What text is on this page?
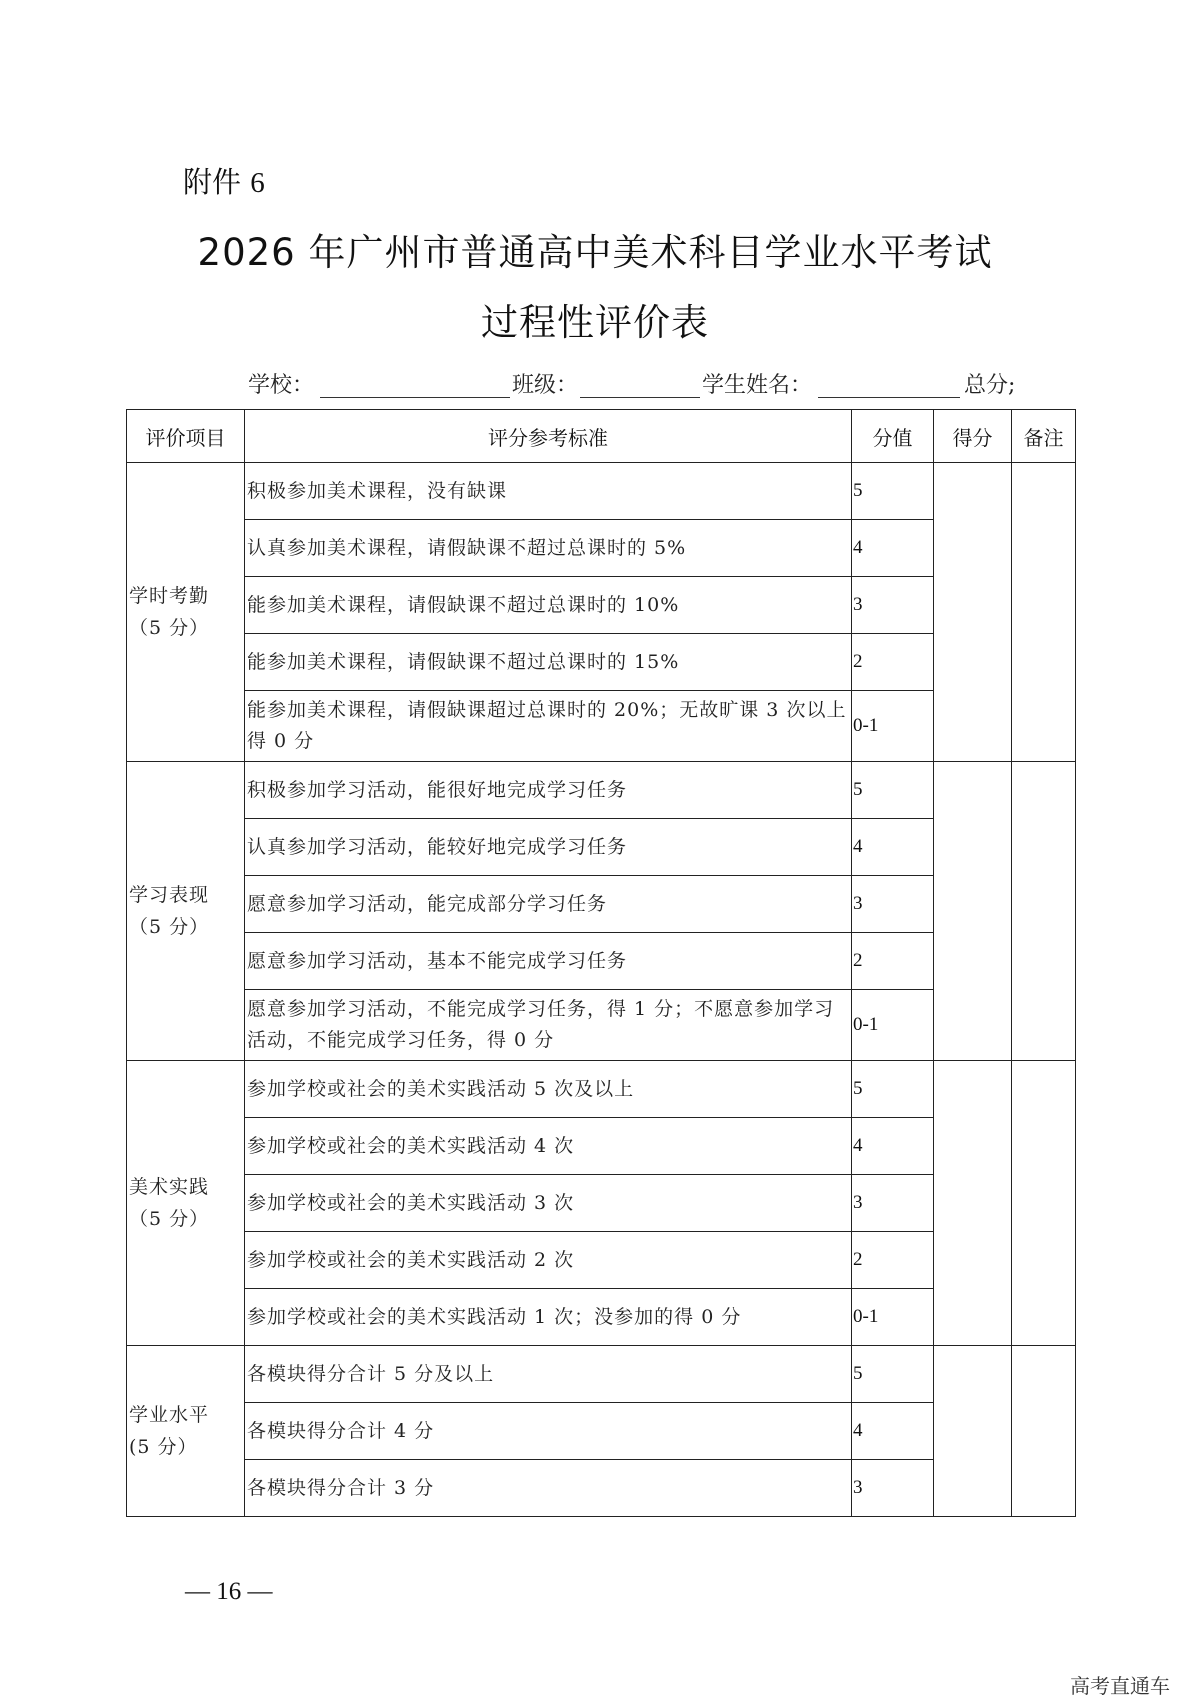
附件 6
2026 年广州市普通高中美术科目学业水平考试
过程性评价表
学校：	班级：	学生姓名：	总分;
评价项目	评分参考标准	分值	得分	备注

学时考勤
（5 分）	积极参加美术课程，没有缺课	5		
	认真参加美术课程，请假缺课不超过总课时的 5%	4		
	能参加美术课程，请假缺课不超过总课时的 10%	3		
	能参加美术课程，请假缺课不超过总课时的 15%	2		
	能参加美术课程，请假缺课超过总课时的 20%；无故旷课 3 次以上得 0 分	0-1		

学习表现
（5 分）	积极参加学习活动，能很好地完成学习任务	5		
	认真参加学习活动，能较好地完成学习任务	4		
	愿意参加学习活动，能完成部分学习任务	3		
	愿意参加学习活动，基本不能完成学习任务	2		
	愿意参加学习活动，不能完成学习任务，得 1 分；不愿意参加学习活动，不能完成学习任务，得 0 分	0-1		

美术实践
（5 分）	参加学校或社会的美术实践活动 5 次及以上	5		
	参加学校或社会的美术实践活动 4 次	4		
	参加学校或社会的美术实践活动 3 次	3		
	参加学校或社会的美术实践活动 2 次	2		
	参加学校或社会的美术实践活动 1 次；没参加的得 0 分	0-1		

学业水平
(5 分）	各模块得分合计 5 分及以上	5		
	各模块得分合计 4 分	4		
	各模块得分合计 3 分	3		
— 16 —
高考直通车
